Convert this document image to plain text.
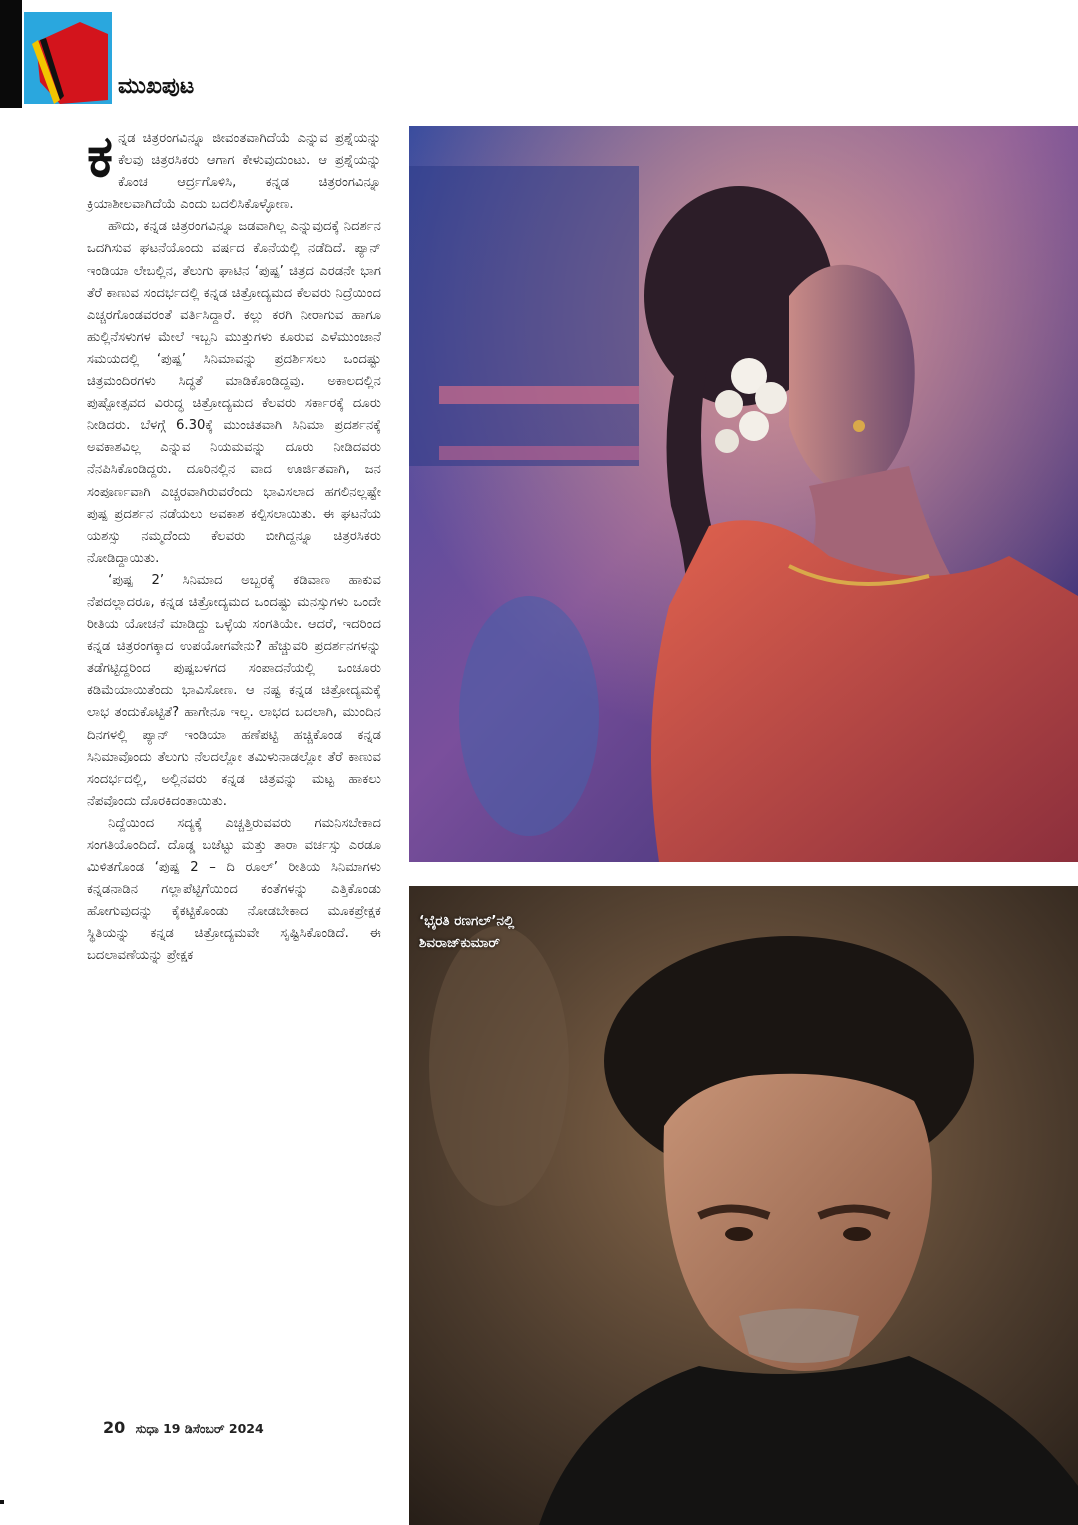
ಮುಖಪುಟ

ಕನ್ನಡ ಚಿತ್ರರಂಗವಿನ್ನೂ ಜೀವಂತವಾಗಿದೆಯೆ ಎನ್ನುವ ಪ್ರಶ್ನೆಯನ್ನು ಕೆಲವು ಚಿತ್ರರಸಿಕರು ಆಗಾಗ ಕೇಳುವುದುಂಟು. ಆ ಪ್ರಶ್ನೆಯನ್ನು ಕೊಂಚ ಆರ್ದ್ರಗೊಳಿಸಿ, ಕನ್ನಡ ಚಿತ್ರರಂಗವಿನ್ನೂ ಕ್ರಿಯಾಶೀಲವಾಗಿದೆಯೆ ಎಂದು ಬದಲಿಸಿಕೊಳ್ಳೋಣ.

ಹೌದು, ಕನ್ನಡ ಚಿತ್ರರಂಗವಿನ್ನೂ ಜಡವಾಗಿಲ್ಲ ಎನ್ನುವುದಕ್ಕೆ ನಿದರ್ಶನ ಒದಗಿಸುವ ಘಟನೆಯೊಂದು ವರ್ಷದ ಕೊನೆಯಲ್ಲಿ ನಡೆದಿದೆ. ಪ್ಯಾನ್ ಇಂಡಿಯಾ ಲೇಬಲ್ಲಿನ, ತೆಲುಗು ಘಾಟಿನ ‘ಪುಷ್ಪ’ ಚಿತ್ರದ ಎರಡನೇ ಭಾಗ ತೆರೆ ಕಾಣುವ ಸಂದರ್ಭದಲ್ಲಿ ಕನ್ನಡ ಚಿತ್ರೋದ್ಯಮದ ಕೆಲವರು ನಿದ್ರೆಯಿಂದ ಎಚ್ಚರಗೊಂಡವರಂತೆ ವರ್ತಿಸಿದ್ದಾರೆ. ಕಲ್ಲು ಕರಗಿ ನೀರಾಗುವ ಹಾಗೂ ಹುಲ್ಲಿನೆಸಳುಗಳ ಮೇಲೆ ಇಬ್ಬನಿ ಮುತ್ತುಗಳು ಕೂರುವ ಎಳೆಮುಂಜಾನೆ ಸಮಯದಲ್ಲಿ ‘ಪುಷ್ಪ’ ಸಿನಿಮಾವನ್ನು ಪ್ರದರ್ಶಿಸಲು ಒಂದಷ್ಟು ಚಿತ್ರಮಂದಿರಗಳು ಸಿದ್ಧತೆ ಮಾಡಿಕೊಂಡಿದ್ದವು. ಅಕಾಲದಲ್ಲಿನ ಪುಷ್ಪೋತ್ಸವದ ವಿರುದ್ಧ ಚಿತ್ರೋದ್ಯಮದ ಕೆಲವರು ಸರ್ಕಾರಕ್ಕೆ ದೂರು ನೀಡಿದರು. ಬೆಳಗ್ಗೆ 6.30ಕ್ಕೆ ಮುಂಚಿತವಾಗಿ ಸಿನಿಮಾ ಪ್ರದರ್ಶನಕ್ಕೆ ಅವಕಾಶವಿಲ್ಲ ಎನ್ನುವ ನಿಯಮವನ್ನು ದೂರು ನೀಡಿದವರು ನೆನಪಿಸಿಕೊಂಡಿದ್ದರು. ದೂರಿನಲ್ಲಿನ ವಾದ ಊರ್ಜಿತವಾಗಿ, ಜನ ಸಂಪೂರ್ಣವಾಗಿ ಎಚ್ಚರವಾಗಿರುವರೆಂದು ಭಾವಿಸಲಾದ ಹಗಲಿನಲ್ಲಷ್ಟೇ ಪುಷ್ಪ ಪ್ರದರ್ಶನ ನಡೆಯಲು ಅವಕಾಶ ಕಲ್ಪಿಸಲಾಯಿತು. ಈ ಘಟನೆಯ ಯಶಸ್ಸು ನಮ್ಮದೆಂದು ಕೆಲವರು ಬೀಗಿದ್ದನ್ನೂ ಚಿತ್ರರಸಿಕರು ನೋಡಿದ್ದಾಯಿತು.

‘ಪುಷ್ಪ 2’ ಸಿನಿಮಾದ ಅಬ್ಬರಕ್ಕೆ ಕಡಿವಾಣ ಹಾಕುವ ನೆಪದಲ್ಲಾದರೂ, ಕನ್ನಡ ಚಿತ್ರೋದ್ಯಮದ ಒಂದಷ್ಟು ಮನಸ್ಸುಗಳು ಒಂದೇ ರೀತಿಯ ಯೋಚನೆ ಮಾಡಿದ್ದು ಒಳ್ಳೆಯ ಸಂಗತಿಯೇ. ಆದರೆ, ಇದರಿಂದ ಕನ್ನಡ ಚಿತ್ರರಂಗಕ್ಕಾದ ಉಪಯೋಗವೇನು? ಹೆಚ್ಚುವರಿ ಪ್ರದರ್ಶನಗಳನ್ನು ತಡೆಗಟ್ಟಿದ್ದರಿಂದ ಪುಷ್ಪಬಳಗದ ಸಂಪಾದನೆಯಲ್ಲಿ ಒಂಚೂರು ಕಡಿಮೆಯಾಯಿತೆಂದು ಭಾವಿಸೋಣ. ಆ ನಷ್ಟ ಕನ್ನಡ ಚಿತ್ರೋದ್ಯಮಕ್ಕೆ ಲಾಭ ತಂದುಕೊಟ್ಟಿತೆ? ಹಾಗೇನೂ ಇಲ್ಲ. ಲಾಭದ ಬದಲಾಗಿ, ಮುಂದಿನ ದಿನಗಳಲ್ಲಿ ಪ್ಯಾನ್ ಇಂಡಿಯಾ ಹಣೆಪಟ್ಟಿ ಹಚ್ಚಿಕೊಂಡ ಕನ್ನಡ ಸಿನಿಮಾವೊಂದು ತೆಲುಗು ನೆಲದಲ್ಲೋ ತಮಿಳುನಾಡಲ್ಲೋ ತೆರೆ ಕಾಣುವ ಸಂದರ್ಭದಲ್ಲಿ, ಅಲ್ಲಿನವರು ಕನ್ನಡ ಚಿತ್ರವನ್ನು ಮಟ್ಟ ಹಾಕಲು ನೆಪವೊಂದು ದೊರಕಿದಂತಾಯಿತು.

ನಿದ್ದೆಯಿಂದ ಸದ್ಯಕ್ಕೆ ಎಚ್ಚತ್ತಿರುವವರು ಗಮನಿಸಬೇಕಾದ ಸಂಗತಿಯೊಂದಿದೆ. ದೊಡ್ಡ ಬಜೆಟ್ಟು ಮತ್ತು ತಾರಾ ವರ್ಚಸ್ಸು ಎರಡೂ ಮಿಳಿತಗೊಂಡ ‘ಪುಷ್ಪ 2 – ದಿ ರೂಲ್’ ರೀತಿಯ ಸಿನಿಮಾಗಳು ಕನ್ನಡನಾಡಿನ ಗಲ್ಲಾಪೆಟ್ಟಿಗೆಯಿಂದ ಕಂತೆಗಳನ್ನು ಎತ್ತಿಕೊಂಡು ಹೋಗುವುದನ್ನು ಕೈಕಟ್ಟಿಕೊಂಡು ನೋಡಬೇಕಾದ ಮೂಕಪ್ರೇಕ್ಷಕ ಸ್ಥಿತಿಯನ್ನು ಕನ್ನಡ ಚಿತ್ರೋದ್ಯಮವೇ ಸೃಷ್ಟಿಸಿಕೊಂಡಿದೆ. ಈ ಬದಲಾವಣೆಯನ್ನು ಪ್ರೇಕ್ಷಕ

20 ಸುಧಾ 19 ಡಿಸೆಂಬರ್ 2024
‘ಭೈರತಿ ರಣಗಲ್’ನಲ್ಲಿ
ಶಿವರಾಜ್‌ಕುಮಾರ್
